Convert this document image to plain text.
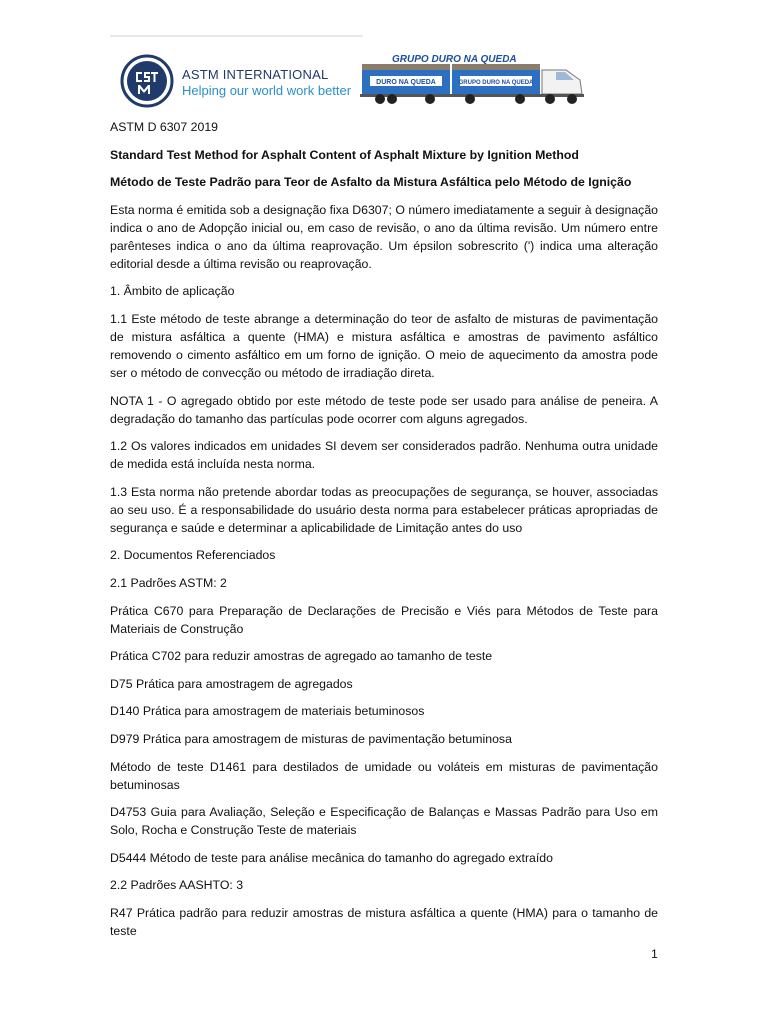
ASTM INTERNATIONAL
Helping our world work better
DURO NA QUEDA	GRUPO DURO NA QUEDA
GRUPO DURO NA QUEDA

ASTM D 6307 2019

Standard Test Method for Asphalt Content of Asphalt Mixture by Ignition Method

Método de Teste Padrão para Teor de Asfalto da Mistura Asfáltica pelo Método de Ignição

Esta norma é emitida sob a designação fixa D6307; O número imediatamente a seguir à designação indica o ano de Adopção inicial ou, em caso de revisão, o ano da última revisão. Um número entre parênteses indica o ano da última reaprovação. Um épsilon sobrescrito (') indica uma alteração editorial desde a última revisão ou reaprovação.

1. Âmbito de aplicação

1.1 Este método de teste abrange a determinação do teor de asfalto de misturas de pavimentação de mistura asfáltica a quente (HMA) e mistura asfáltica e amostras de pavimento asfáltico removendo o cimento asfáltico em um forno de ignição. O meio de aquecimento da amostra pode ser o método de convecção ou método de irradiação direta.

NOTA 1 - O agregado obtido por este método de teste pode ser usado para análise de peneira. A degradação do tamanho das partículas pode ocorrer com alguns agregados.

1.2 Os valores indicados em unidades SI devem ser considerados padrão. Nenhuma outra unidade de medida está incluída nesta norma.

1.3 Esta norma não pretende abordar todas as preocupações de segurança, se houver, associadas ao seu uso. É a responsabilidade do usuário desta norma para estabelecer práticas apropriadas de segurança e saúde e determinar a aplicabilidade de Limitação antes do uso

2. Documentos Referenciados

2.1 Padrões ASTM: 2

Prática C670 para Preparação de Declarações de Precisão e Viés para Métodos de Teste para Materiais de Construção

Prática C702 para reduzir amostras de agregado ao tamanho de teste

D75 Prática para amostragem de agregados

D140 Prática para amostragem de materiais betuminosos

D979 Prática para amostragem de misturas de pavimentação betuminosa

Método de teste D1461 para destilados de umidade ou voláteis em misturas de pavimentação betuminosas

D4753 Guia para Avaliação, Seleção e Especificação de Balanças e Massas Padrão para Uso em Solo, Rocha e Construção Teste de materiais

D5444 Método de teste para análise mecânica do tamanho do agregado extraído

2.2 Padrões AASHTO: 3

R47 Prática padrão para reduzir amostras de mistura asfáltica a quente (HMA) para o tamanho de teste

1
